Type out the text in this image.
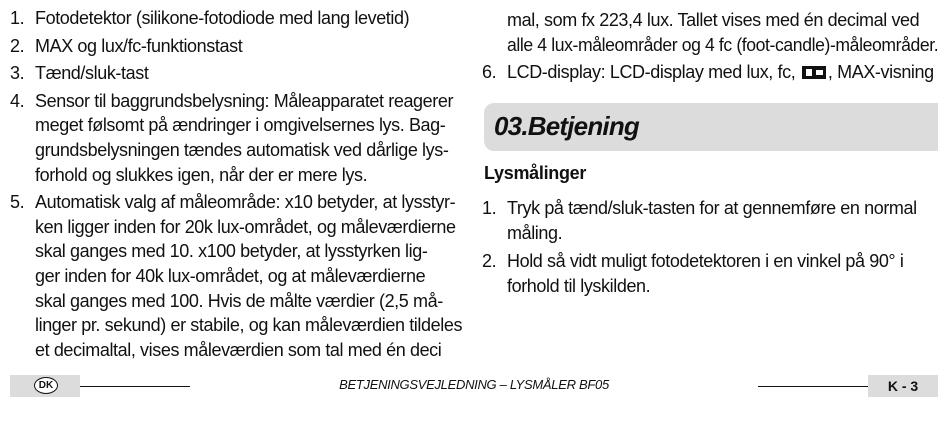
1. Fotodetektor (silikone-fotodiode med lang levetid)
2. MAX og lux/fc-funktionstast
3. Tænd/sluk-tast
4. Sensor til baggrundsbelysning: Måleapparatet reagerer
meget følsomt på ændringer i omgivelsernes lys. Bag-
grundsbelysningen tændes automatisk ved dårlige lys-
forhold og slukkes igen, når der er mere lys.
5. Automatisk valg af måleområde: x10 betyder, at lysstyr-
ken ligger inden for 20k lux-området, og måleværdierne
skal ganges med 10. x100 betyder, at lysstyrken lig-
ger inden for 40k lux-området, og at måleværdierne
skal ganges med 100. Hvis de målte værdier (2,5 må-
linger pr. sekund) er stabile, og kan måleværdien tildeles
et decimaltal, vises måleværdien som tal med én deci
mal, som fx 223,4 lux. Tallet vises med én decimal ved
alle 4 lux-måleområder og 4 fc (foot-candle)-måleområder.
6. LCD-display: LCD-display med lux, fc, , MAX-visning
03.Betjening
Lysmålinger
1. Tryk på tænd/sluk-tasten for at gennemføre en normal
måling.
2. Hold så vidt muligt fotodetektoren i en vinkel på 90° i
forhold til lyskilden.
DK	BETJENINGSVEJLEDNING – LYSMÅLER BF05	K - 3
